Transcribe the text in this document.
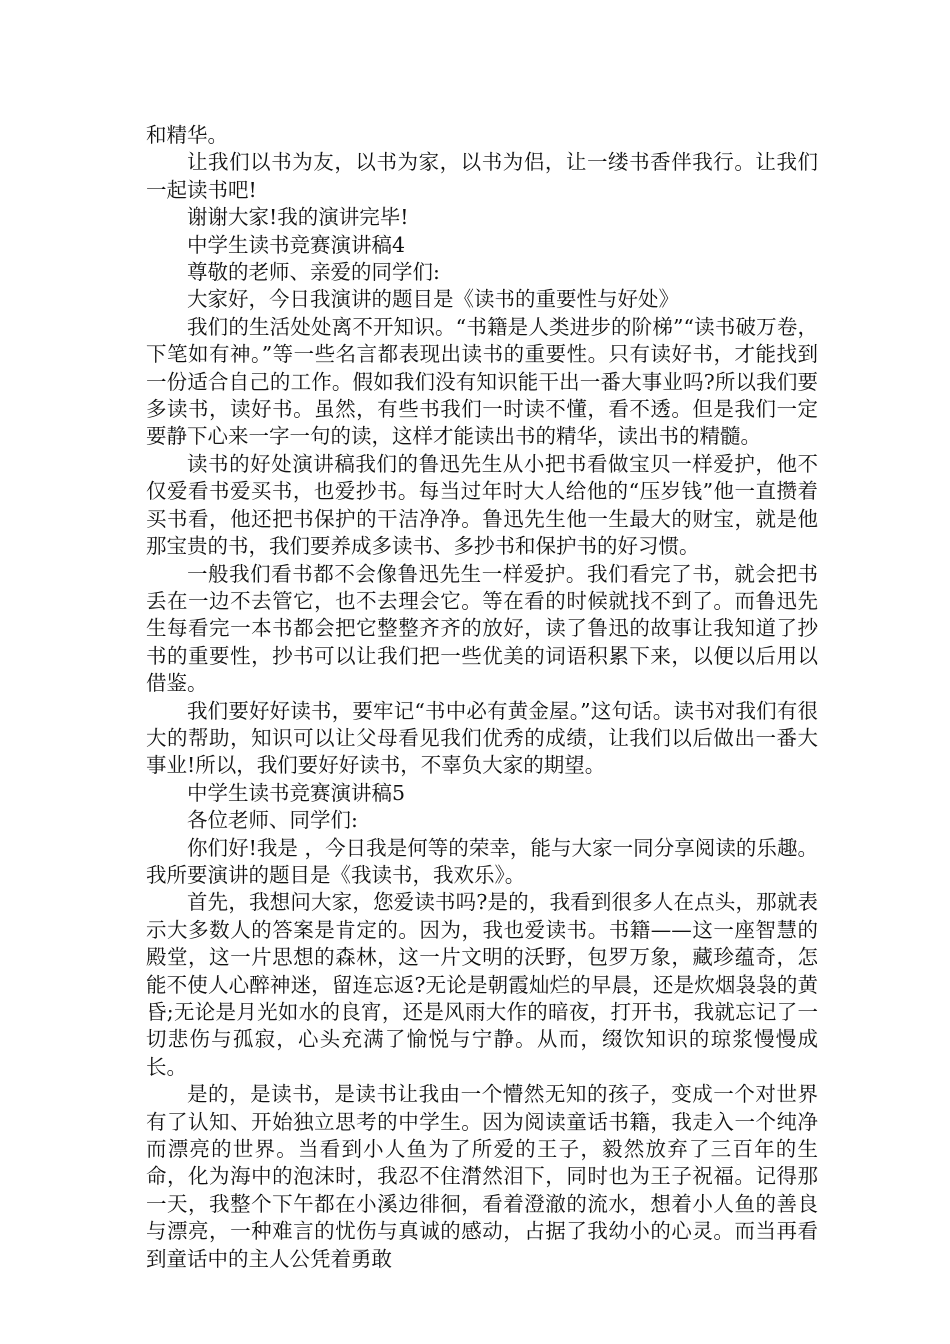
和精华。

让我们以书为友，以书为家，以书为侣，让一缕书香伴我行。让我们一起读书吧!

谢谢大家!我的演讲完毕!

中学生读书竞赛演讲稿4

尊敬的老师、亲爱的同学们:

大家好，今日我演讲的题目是《读书的重要性与好处》

我们的生活处处离不开知识。“书籍是人类进步的阶梯”“读书破万卷，下笔如有神。”等一些名言都表现出读书的重要性。只有读好书，才能找到一份适合自己的工作。假如我们没有知识能干出一番大事业吗?所以我们要多读书，读好书。虽然，有些书我们一时读不懂，看不透。但是我们一定要静下心来一字一句的读，这样才能读出书的精华，读出书的精髓。

读书的好处演讲稿我们的鲁迅先生从小把书看做宝贝一样爱护，他不仅爱看书爱买书，也爱抄书。每当过年时大人给他的“压岁钱”他一直攒着买书看，他还把书保护的干洁净净。鲁迅先生他一生最大的财宝，就是他那宝贵的书，我们要养成多读书、多抄书和保护书的好习惯。

一般我们看书都不会像鲁迅先生一样爱护。我们看完了书，就会把书丢在一边不去管它，也不去理会它。等在看的时候就找不到了。而鲁迅先生每看完一本书都会把它整整齐齐的放好，读了鲁迅的故事让我知道了抄书的重要性，抄书可以让我们把一些优美的词语积累下来，以便以后用以借鉴。

我们要好好读书，要牢记“书中必有黄金屋。”这句话。读书对我们有很大的帮助，知识可以让父母看见我们优秀的成绩，让我们以后做出一番大事业!所以，我们要好好读书，不辜负大家的期望。

中学生读书竞赛演讲稿5

各位老师、同学们:

你们好!我是 ，今日我是何等的荣幸，能与大家一同分享阅读的乐趣。我所要演讲的题目是《我读书，我欢乐》。

首先，我想问大家，您爱读书吗?是的，我看到很多人在点头，那就表示大多数人的答案是肯定的。因为，我也爱读书。书籍——这一座智慧的殿堂，这一片思想的森林，这一片文明的沃野，包罗万象，藏珍蕴奇，怎能不使人心醉神迷，留连忘返?无论是朝霞灿烂的早晨，还是炊烟袅袅的黄昏;无论是月光如水的良宵，还是风雨大作的暗夜，打开书，我就忘记了一切悲伤与孤寂，心头充满了愉悦与宁静。从而，缀饮知识的琼浆慢慢成长。

是的，是读书，是读书让我由一个懵然无知的孩子，变成一个对世界有了认知、开始独立思考的中学生。因为阅读童话书籍，我走入一个纯净而漂亮的世界。当看到小人鱼为了所爱的王子，毅然放弃了三百年的生命，化为海中的泡沫时，我忍不住潸然泪下，同时也为王子祝福。记得那一天，我整个下午都在小溪边徘徊，看着澄澈的流水，想着小人鱼的善良与漂亮，一种难言的忧伤与真诚的感动，占据了我幼小的心灵。而当再看到童话中的主人公凭着勇敢
